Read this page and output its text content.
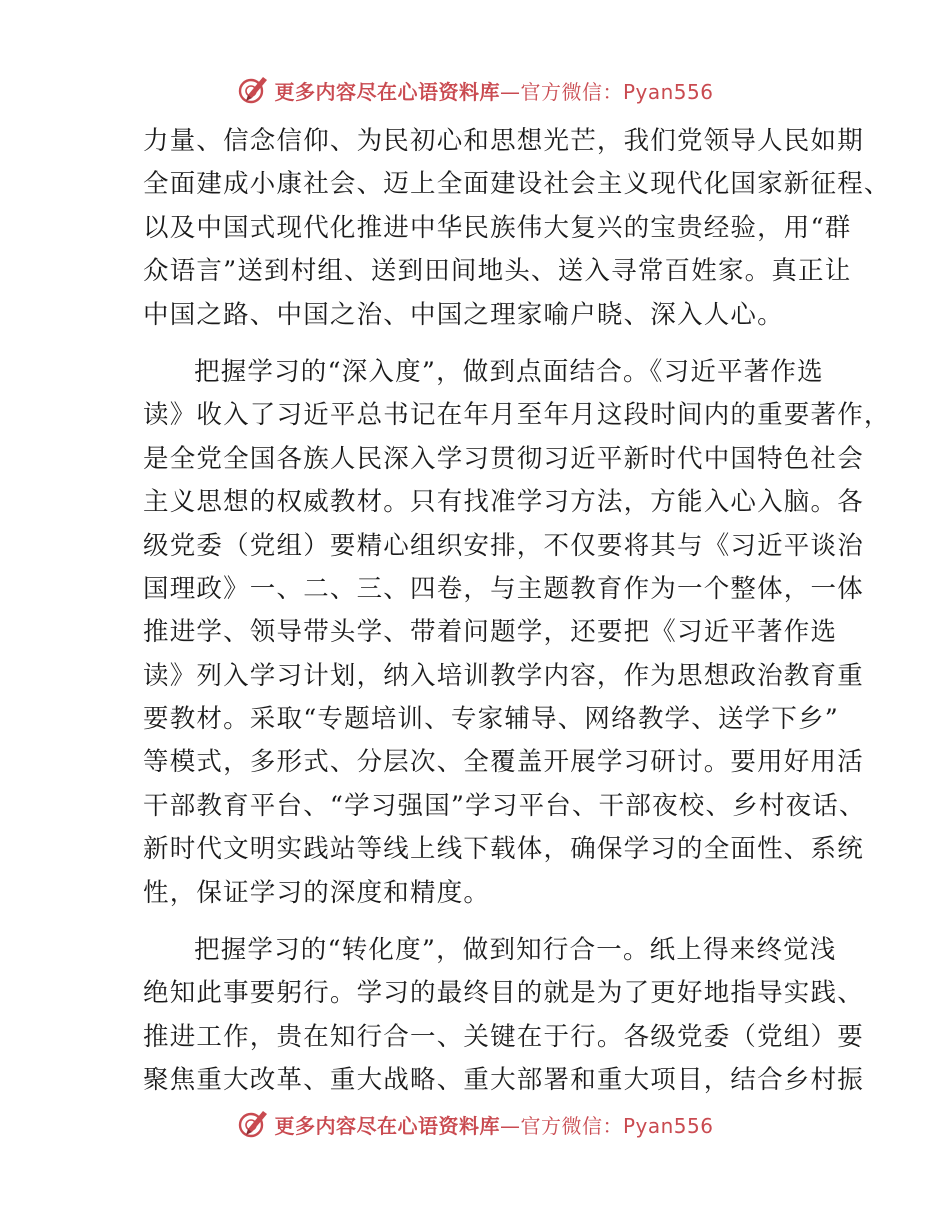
更多内容尽在心语资料库—官方微信：Pyan556
力量、信念信仰、为民初心和思想光芒，我们党领导人民如期
全面建成小康社会、迈上全面建设社会主义现代化国家新征程、
以及中国式现代化推进中华民族伟大复兴的宝贵经验，用“群
众语言”送到村组、送到田间地头、送入寻常百姓家。真正让
中国之路、中国之治、中国之理家喻户晓、深入人心。
把握学习的“深入度”，做到点面结合。《习近平著作选
读》收入了习近平总书记在年月至年月这段时间内的重要著作，
是全党全国各族人民深入学习贯彻习近平新时代中国特色社会
主义思想的权威教材。只有找准学习方法，方能入心入脑。各
级党委（党组）要精心组织安排，不仅要将其与《习近平谈治
国理政》一、二、三、四卷，与主题教育作为一个整体，一体
推进学、领导带头学、带着问题学，还要把《习近平著作选
读》列入学习计划，纳入培训教学内容，作为思想政治教育重
要教材。采取“专题培训、专家辅导、网络教学、送学下乡”
等模式，多形式、分层次、全覆盖开展学习研讨。要用好用活
干部教育平台、“学习强国”学习平台、干部夜校、乡村夜话、
新时代文明实践站等线上线下载体，确保学习的全面性、系统
性，保证学习的深度和精度。
把握学习的“转化度”，做到知行合一。纸上得来终觉浅
绝知此事要躬行。学习的最终目的就是为了更好地指导实践、
推进工作，贵在知行合一、关键在于行。各级党委（党组）要
聚焦重大改革、重大战略、重大部署和重大项目，结合乡村振
更多内容尽在心语资料库—官方微信：Pyan556
